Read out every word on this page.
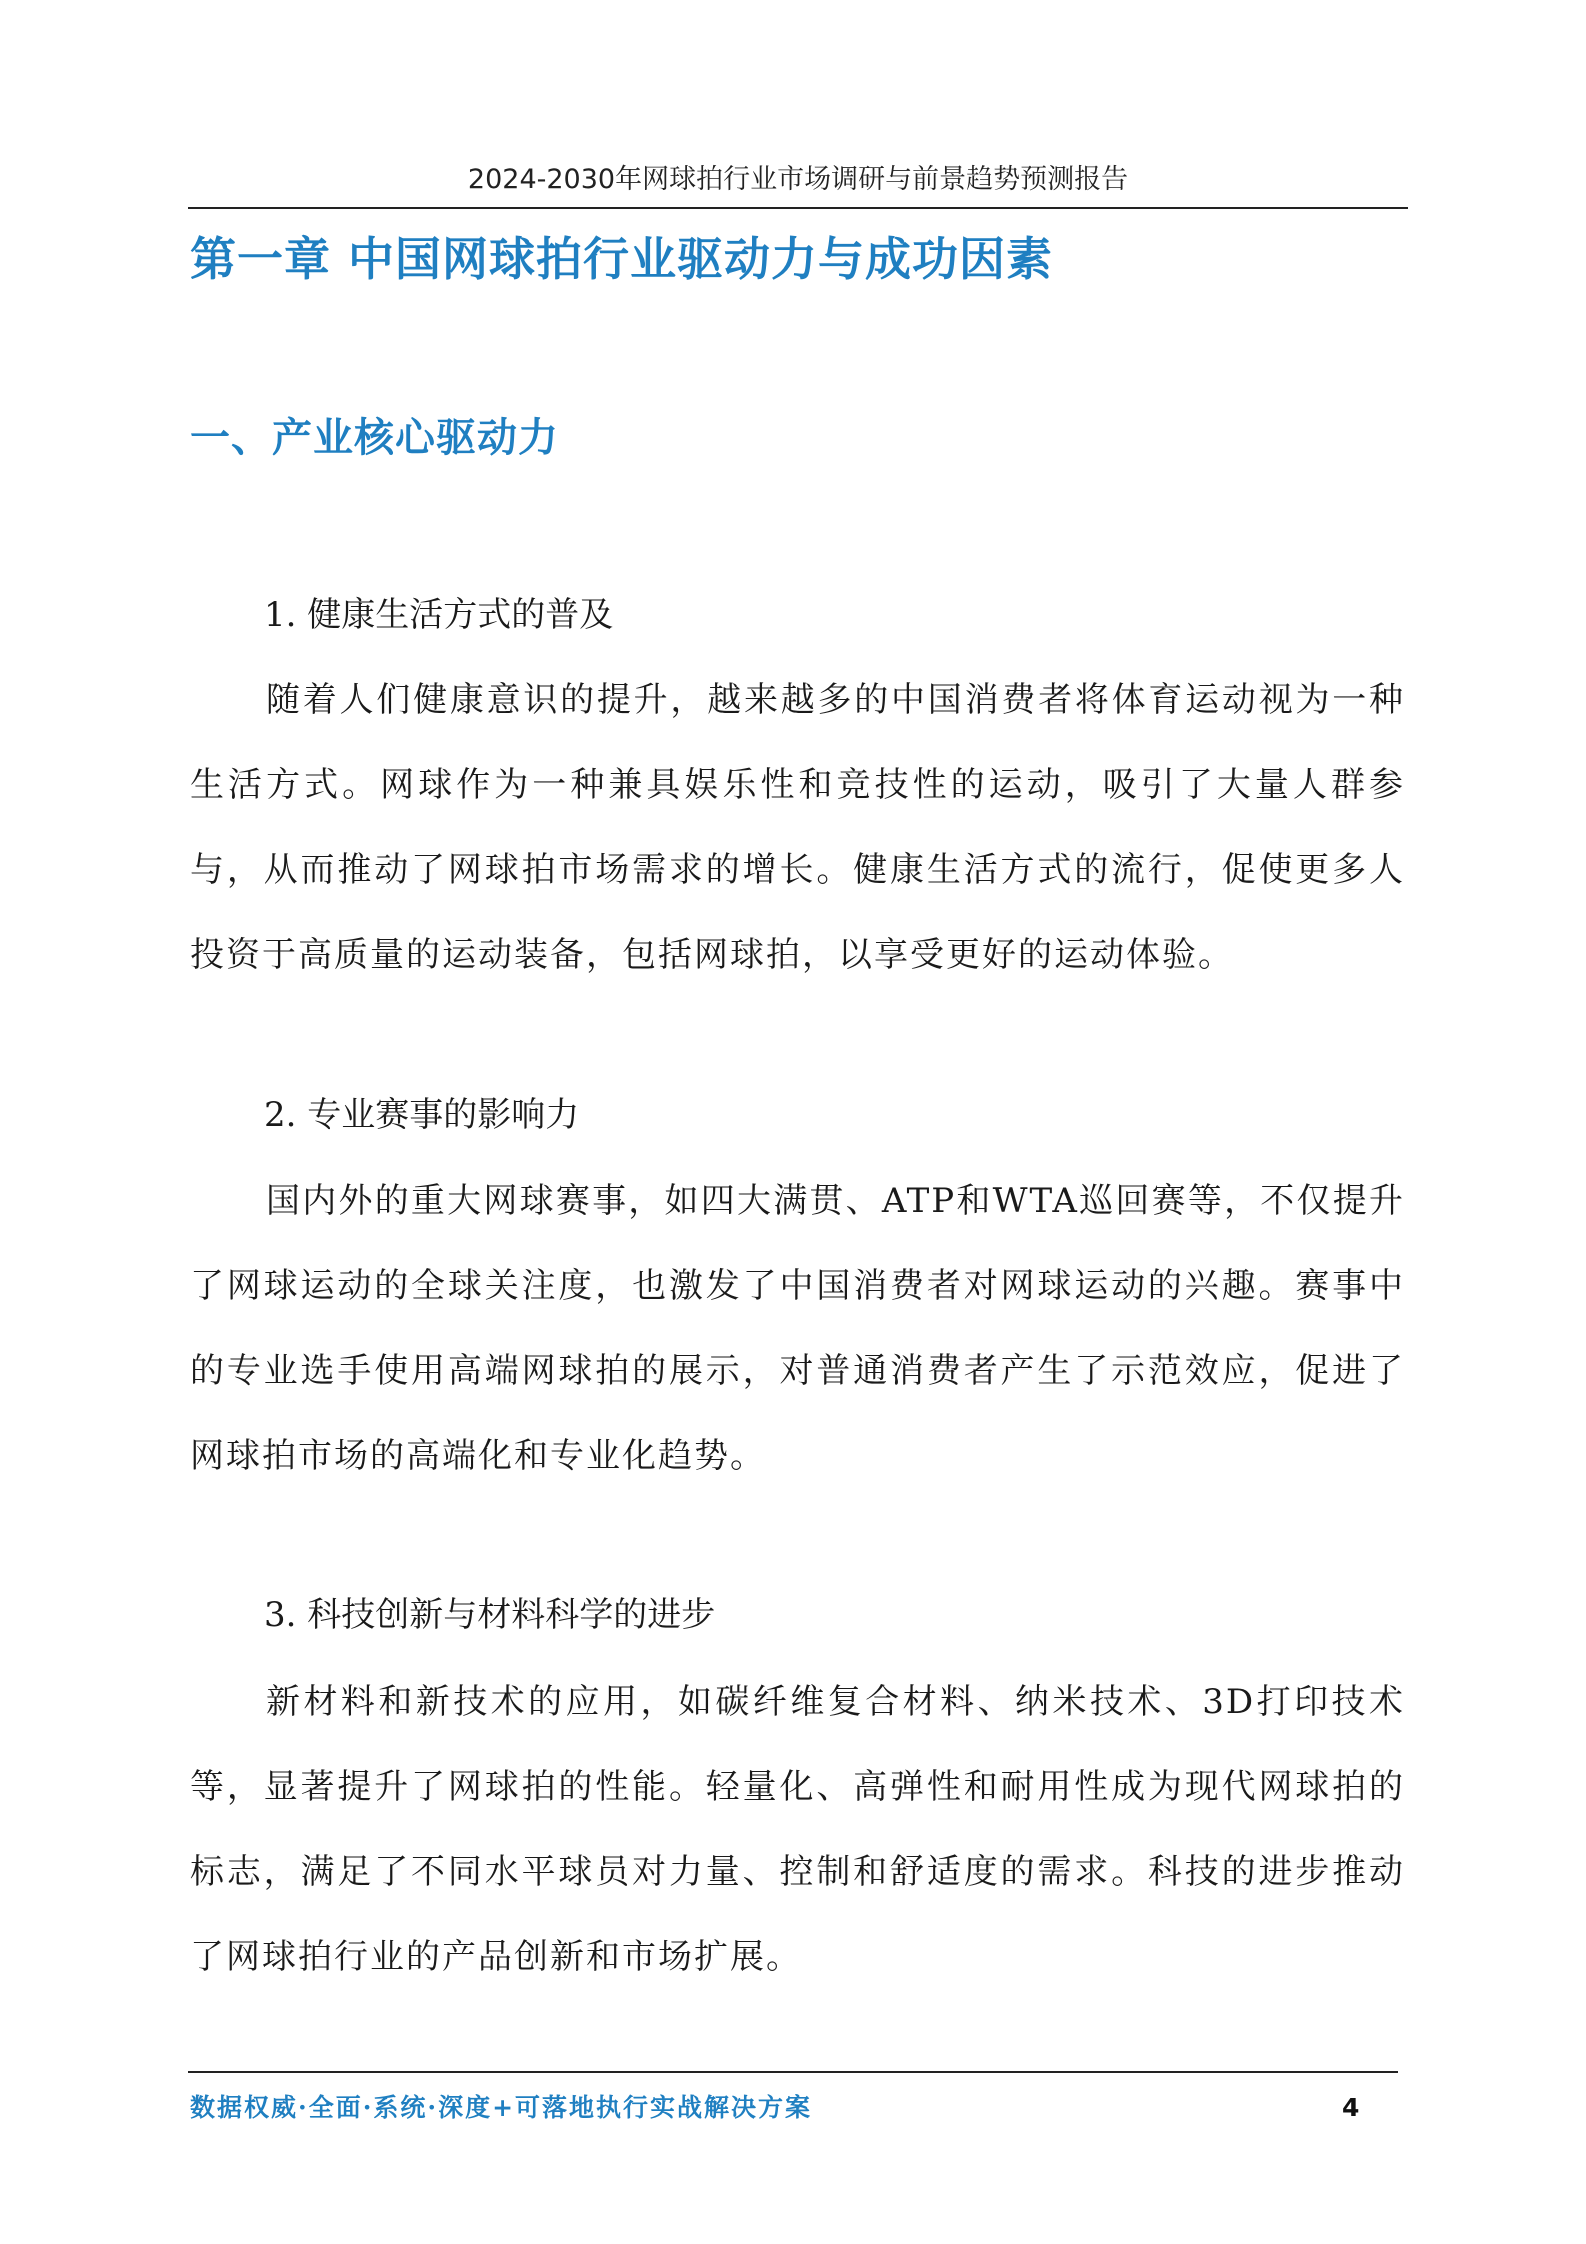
2024-2030年网球拍行业市场调研与前景趋势预测报告
第一章 中国网球拍行业驱动力与成功因素
一、产业核心驱动力

1. 健康生活方式的普及

随着人们健康意识的提升，越来越多的中国消费者将体育运动视为一种生活方式。网球作为一种兼具娱乐性和竞技性的运动，吸引了大量人群参与，从而推动了网球拍市场需求的增长。健康生活方式的流行，促使更多人投资于高质量的运动装备，包括网球拍，以享受更好的运动体验。

2. 专业赛事的影响力

国内外的重大网球赛事，如四大满贯、ATP和WTA巡回赛等，不仅提升了网球运动的全球关注度，也激发了中国消费者对网球运动的兴趣。赛事中的专业选手使用高端网球拍的展示，对普通消费者产生了示范效应，促进了网球拍市场的高端化和专业化趋势。

3. 科技创新与材料科学的进步

新材料和新技术的应用，如碳纤维复合材料、纳米技术、3D打印技术等，显著提升了网球拍的性能。轻量化、高弹性和耐用性成为现代网球拍的标志，满足了不同水平球员对力量、控制和舒适度的需求。科技的进步推动了网球拍行业的产品创新和市场扩展。

数据权威·全面·系统·深度+可落地执行实战解决方案	4
